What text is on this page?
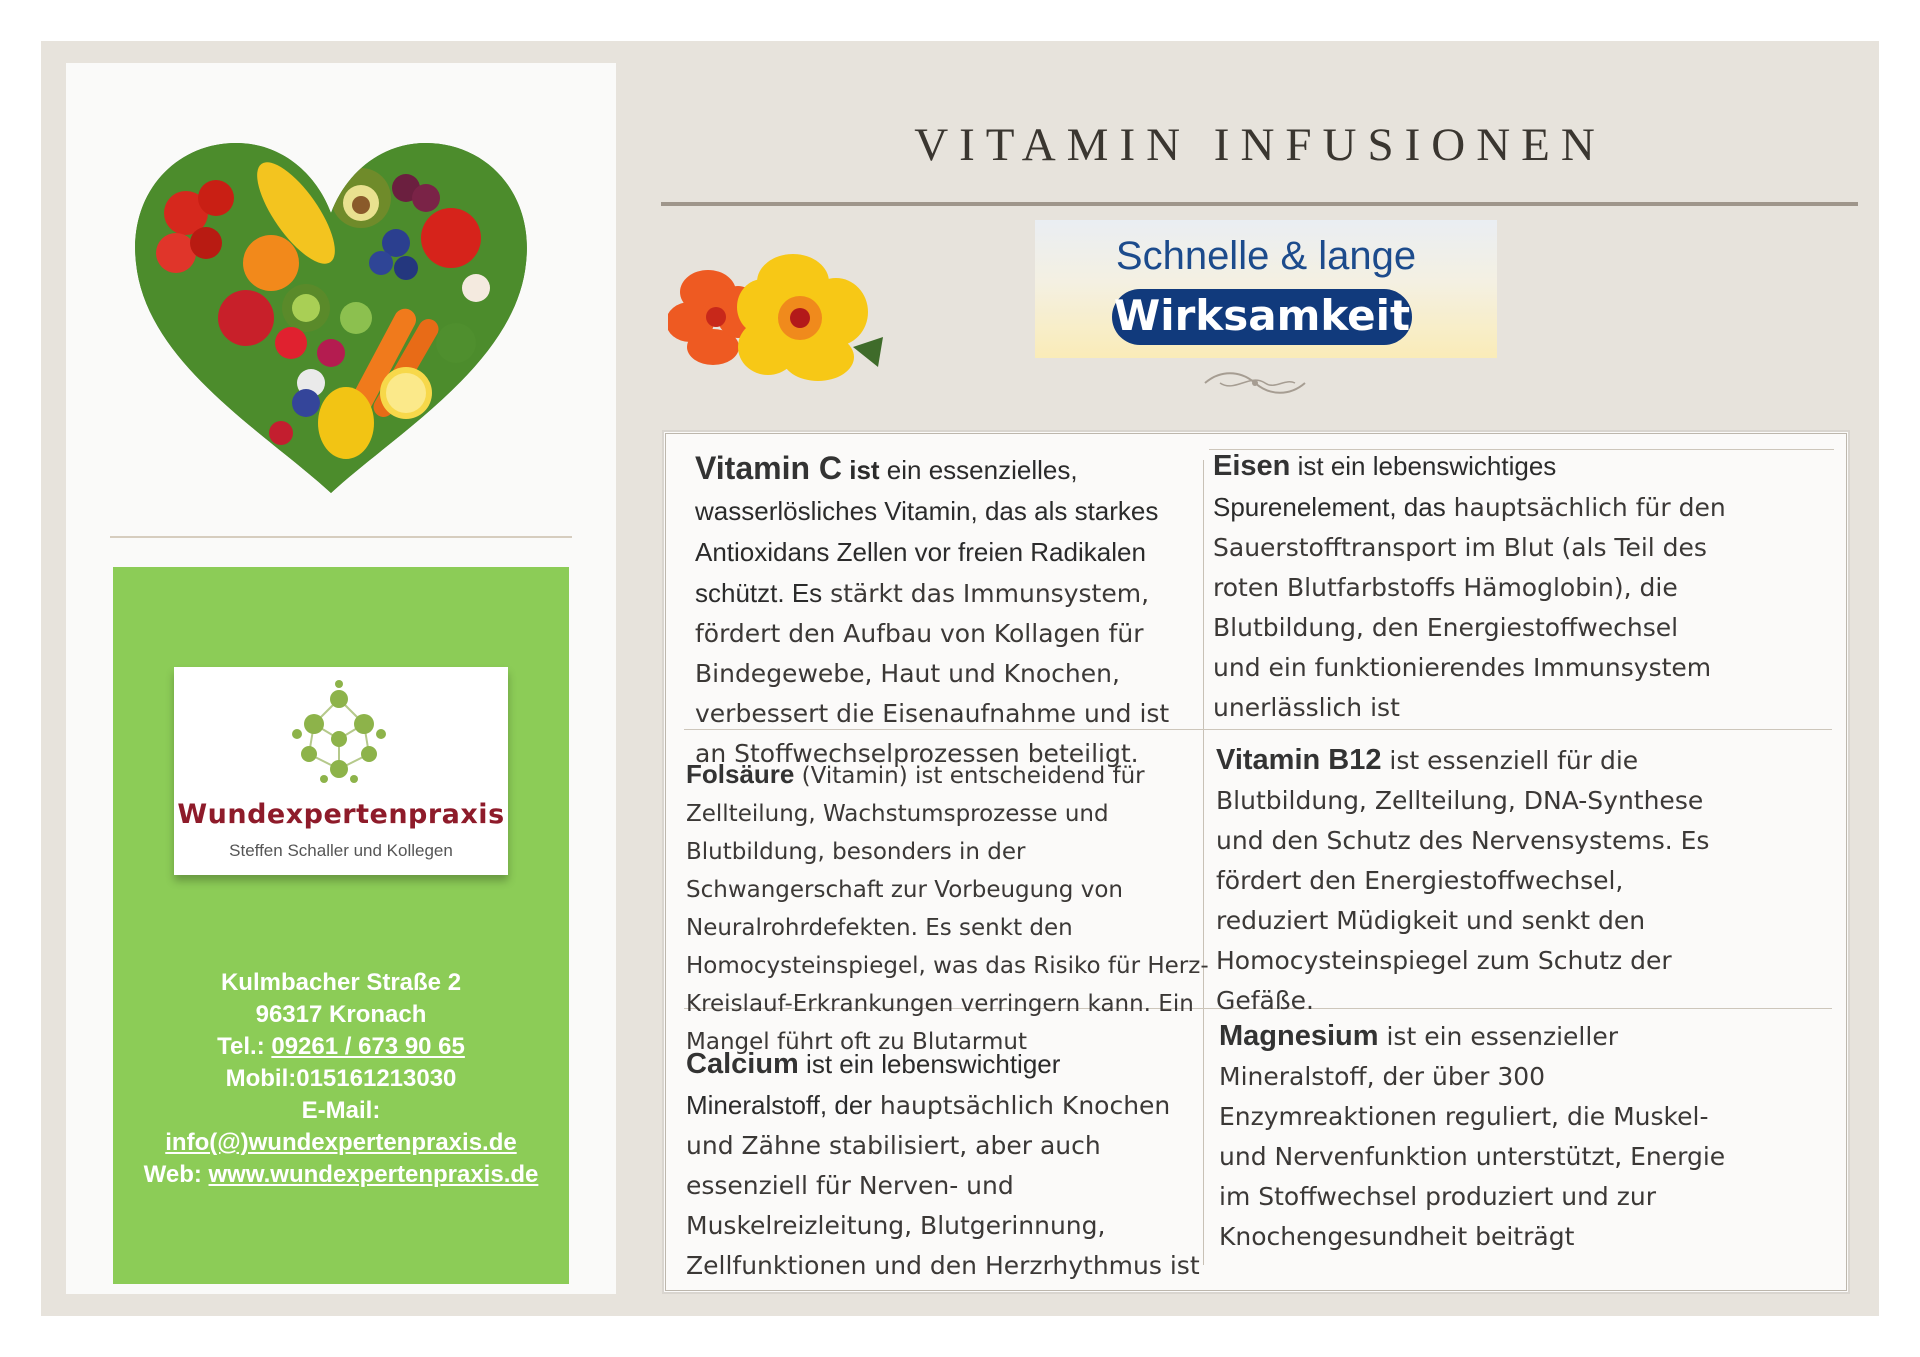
Wundexpertenpraxis
Steffen Schaller und Kollegen
Kulmbacher Straße 2
96317 Kronach
Tel.: 09261 / 673 90 65
Mobil:015161213030
E-Mail:
info(@)wundexpertenpraxis.de
Web: www.wundexpertenpraxis.de
VITAMIN INFUSIONEN
Schnelle & lange
Wirksamkeit
Vitamin C ist ein essenzielles, wasserlösliches Vitamin, das als starkes Antioxidans Zellen vor freien Radikalen schützt. Es stärkt das Immunsystem, fördert den Aufbau von Kollagen für Bindegewebe, Haut und Knochen, verbessert die Eisenaufnahme und ist an Stoffwechselprozessen beteiligt.
Eisen ist ein lebenswichtiges Spurenelement, das hauptsächlich für den Sauerstofftransport im Blut (als Teil des roten Blutfarbstoffs Hämoglobin), die Blutbildung, den Energiestoffwechsel und ein funktionierendes Immunsystem unerlässlich ist
Folsäure (Vitamin) ist entscheidend für Zellteilung, Wachstumsprozesse und Blutbildung, besonders in der Schwangerschaft zur Vorbeugung von Neuralrohrdefekten. Es senkt den Homocysteinspiegel, was das Risiko für Herz-Kreislauf-Erkrankungen verringern kann. Ein Mangel führt oft zu Blutarmut
Vitamin B12 ist essenziell für die Blutbildung, Zellteilung, DNA-Synthese und den Schutz des Nervensystems. Es fördert den Energiestoffwechsel, reduziert Müdigkeit und senkt den Homocysteinspiegel zum Schutz der Gefäße.
Calcium ist ein lebenswichtiger Mineralstoff, der hauptsächlich Knochen und Zähne stabilisiert, aber auch essenziell für Nerven- und Muskelreizleitung, Blutgerinnung, Zellfunktionen und den Herzrhythmus ist
Magnesium ist ein essenzieller Mineralstoff, der über 300 Enzymreaktionen reguliert, die Muskel- und Nervenfunktion unterstützt, Energie im Stoffwechsel produziert und zur Knochengesundheit beiträgt
